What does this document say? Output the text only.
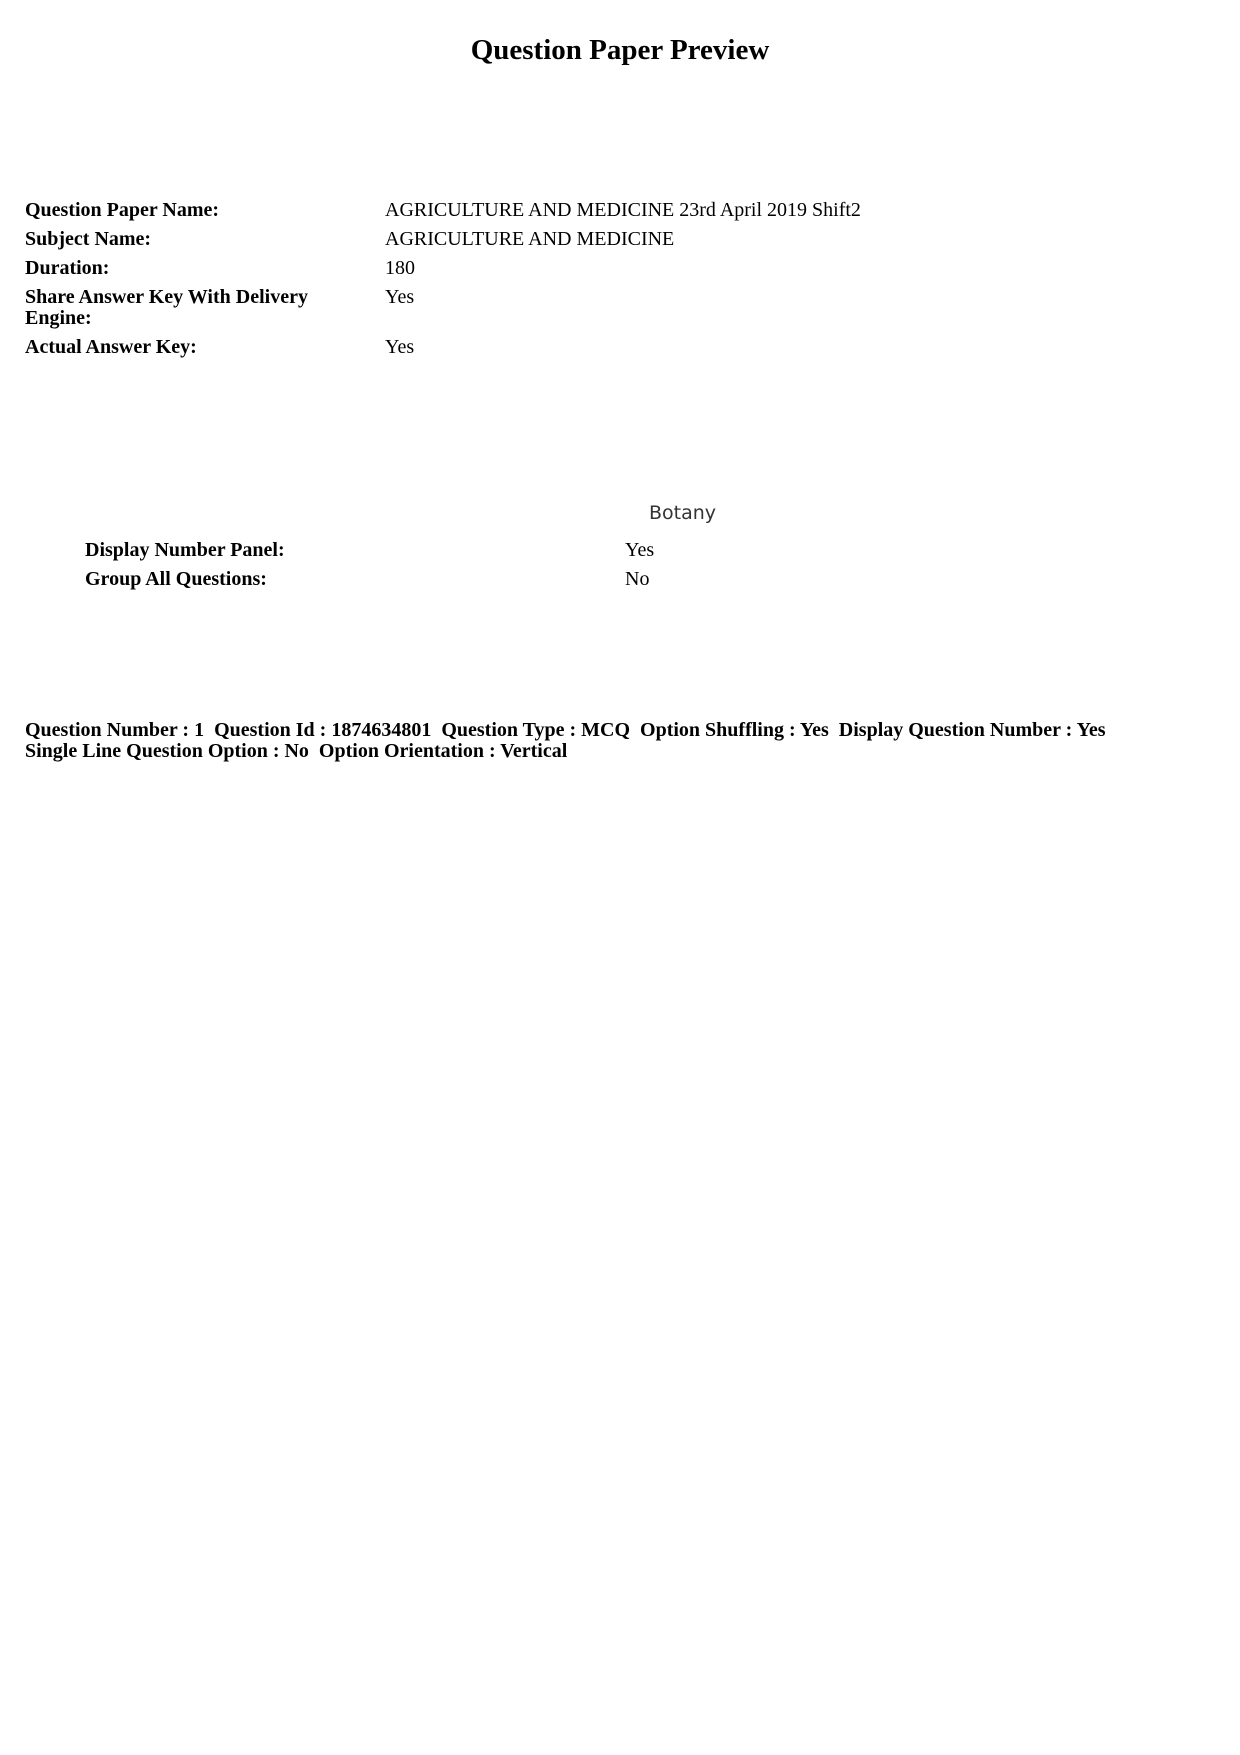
Question Paper Preview
Question Paper Name:	AGRICULTURE AND MEDICINE 23rd April 2019 Shift2

Subject Name:	AGRICULTURE AND MEDICINE

Duration:	180

Share Answer Key With Delivery Engine:	Yes

Actual Answer Key:	Yes
Botany
Display Number Panel:	Yes
Group All Questions:	No
Question Number : 1  Question Id : 1874634801  Question Type : MCQ  Option Shuffling : Yes  Display Question Number : Yes
Single Line Question Option : No  Option Orientation : Vertical
